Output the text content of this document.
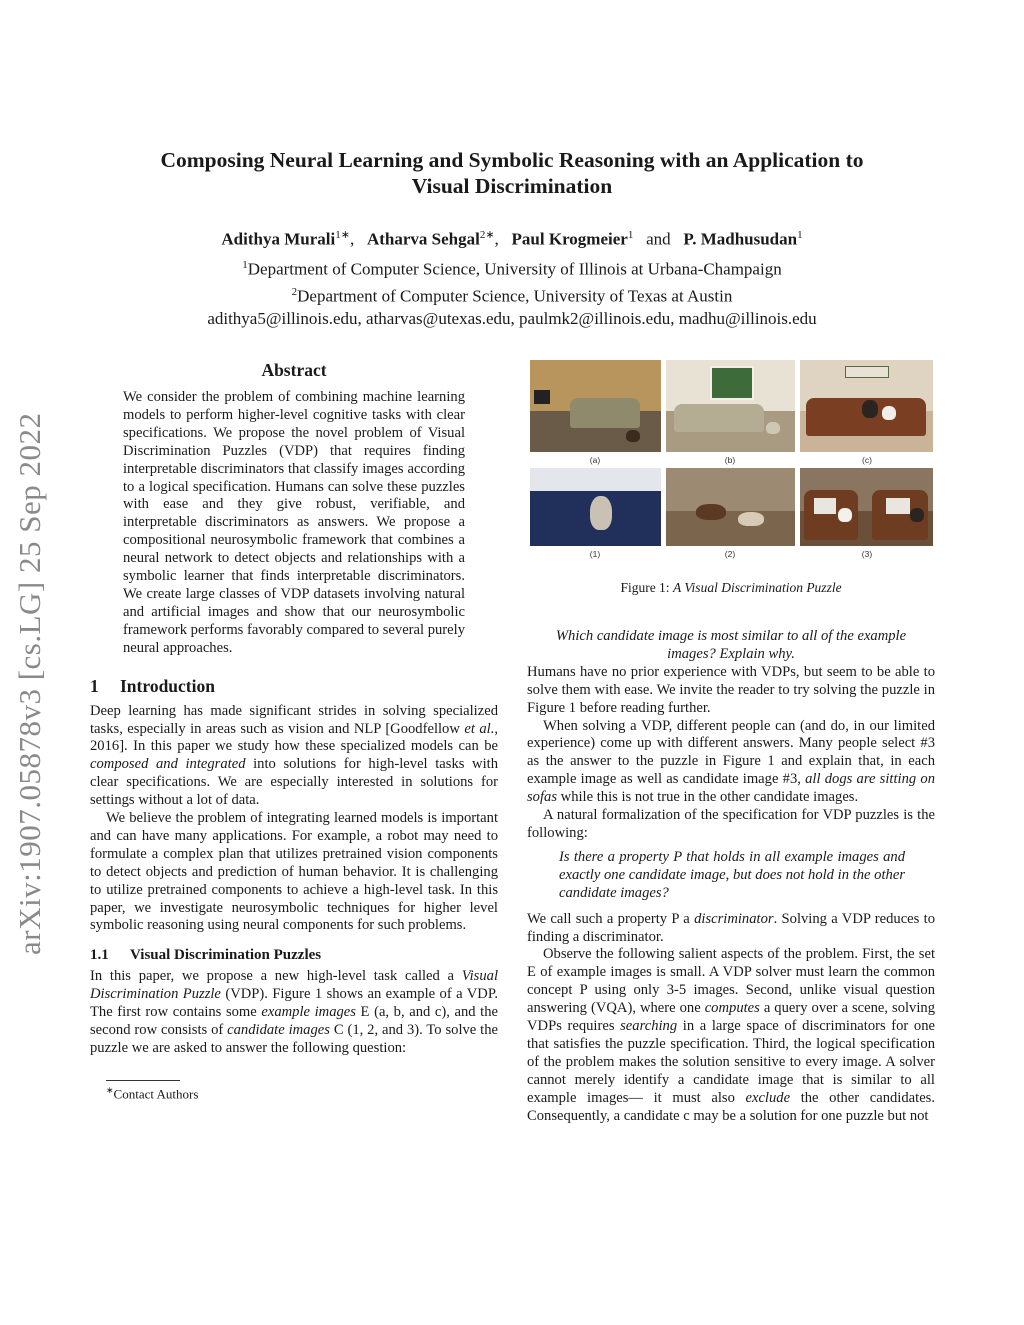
arXiv:1907.05878v3 [cs.LG] 25 Sep 2022
Composing Neural Learning and Symbolic Reasoning with an Application to
Visual Discrimination
Adithya Murali$^{1∗}$, Atharva Sehgal$^{2∗}$, Paul Krogmeier$^1$ and P. Madhusudan$^1$
$^1$Department of Computer Science, University of Illinois at Urbana-Champaign
$^2$Department of Computer Science, University of Texas at Austin
adithya5@illinois.edu, atharvas@utexas.edu, paulmk2@illinois.edu, madhu@illinois.edu
Abstract

We consider the problem of combining machine learning models to perform higher-level cognitive tasks with clear specifications. We propose the novel problem of Visual Discrimination Puzzles (VDP) that requires finding interpretable discriminators that classify images according to a logical specification. Humans can solve these puzzles with ease and they give robust, verifiable, and interpretable discriminators as answers. We propose a compositional neurosymbolic framework that combines a neural network to detect objects and relationships with a symbolic learner that finds interpretable discriminators. We create large classes of VDP datasets involving natural and artificial images and show that our neurosymbolic framework performs favorably compared to several purely neural approaches.

1 Introduction

Deep learning has made significant strides in solving specialized tasks, especially in areas such as vision and NLP [Goodfellow et al., 2016]. In this paper we study how these specialized models can be composed and integrated into solutions for high-level tasks with clear specifications. We are especially interested in solutions for settings without a lot of data.

We believe the problem of integrating learned models is important and can have many applications. For example, a robot may need to formulate a complex plan that utilizes pretrained vision components to detect objects and prediction of human behavior. It is challenging to utilize pretrained components to achieve a high-level task. In this paper, we investigate neurosymbolic techniques for higher level symbolic reasoning using neural components for such problems.

1.1 Visual Discrimination Puzzles

In this paper, we propose a new high-level task called a Visual Discrimination Puzzle (VDP). Figure 1 shows an example of a VDP. The first row contains some example images E (a, b, and c), and the second row consists of candidate images C (1, 2, and 3). To solve the puzzle we are asked to answer the following question:

∗Contact Authors
(a)	(b)	(c)
(1)	(2)	(3)
Figure 1: A Visual Discrimination Puzzle
Which candidate image is most similar to all of the example images? Explain why.

Humans have no prior experience with VDPs, but seem to be able to solve them with ease. We invite the reader to try solving the puzzle in Figure 1 before reading further.

When solving a VDP, different people can (and do, in our limited experience) come up with different answers. Many people select #3 as the answer to the puzzle in Figure 1 and explain that, in each example image as well as candidate image #3, all dogs are sitting on sofas while this is not true in the other candidate images.

A natural formalization of the specification for VDP puzzles is the following:

Is there a property P that holds in all example images and exactly one candidate image, but does not hold in the other candidate images?

We call such a property P a discriminator. Solving a VDP reduces to finding a discriminator.

Observe the following salient aspects of the problem. First, the set E of example images is small. A VDP solver must learn the common concept P using only 3-5 images. Second, unlike visual question answering (VQA), where one computes a query over a scene, solving VDPs requires searching in a large space of discriminators for one that satisfies the puzzle specification. Third, the logical specification of the problem makes the solution sensitive to every image. A solver cannot merely identify a candidate image that is similar to all example images— it must also exclude the other candidates. Consequently, a candidate c may be a solution for one puzzle but not
